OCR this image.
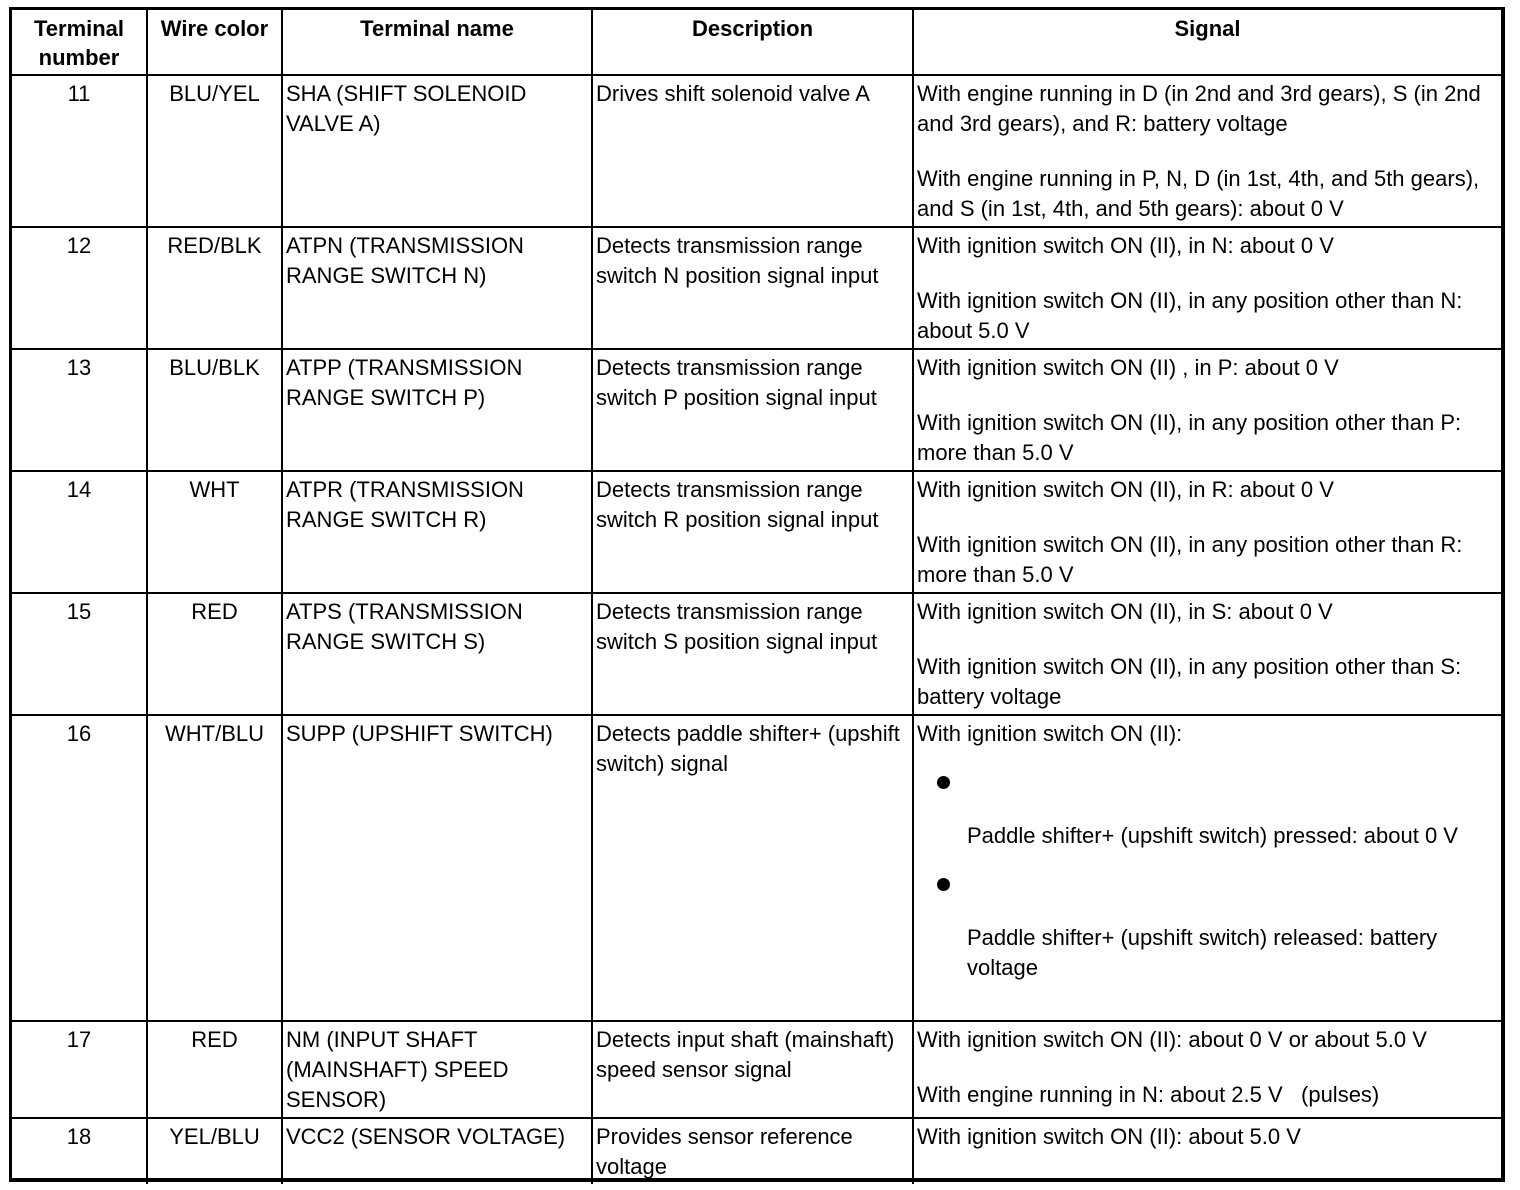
Terminal number	Wire color	Terminal name	Description	Signal
11	BLU/YEL	SHA (SHIFT SOLENOID VALVE A)	Drives shift solenoid valve A	With engine running in D (in 2nd and 3rd gears), S (in 2nd and 3rd gears), and R: battery voltage

With engine running in P, N, D (in 1st, 4th, and 5th gears), and S (in 1st, 4th, and 5th gears): about 0 V

12	RED/BLK	ATPN (TRANSMISSION RANGE SWITCH N)	Detects transmission range switch N position signal input	With ignition switch ON (II), in N: about 0 V

With ignition switch ON (II), in any position other than N: about 5.0 V

13	BLU/BLK	ATPP (TRANSMISSION RANGE SWITCH P)	Detects transmission range switch P position signal input	With ignition switch ON (II) , in P: about 0 V

With ignition switch ON (II), in any position other than P: more than 5.0 V

14	WHT	ATPR (TRANSMISSION RANGE SWITCH R)	Detects transmission range switch R position signal input	With ignition switch ON (II), in R: about 0 V

With ignition switch ON (II), in any position other than R: more than 5.0 V

15	RED	ATPS (TRANSMISSION RANGE SWITCH S)	Detects transmission range switch S position signal input	With ignition switch ON (II), in S: about 0 V

With ignition switch ON (II), in any position other than S: battery voltage

16	WHT/BLU	SUPP (UPSHIFT SWITCH)	Detects paddle shifter+ (upshift switch) signal	With ignition switch ON (II):
Paddle shifter+ (upshift switch) pressed: about 0 V
Paddle shifter+ (upshift switch) released: battery voltage

17	RED	NM (INPUT SHAFT (MAINSHAFT) SPEED SENSOR)	Detects input shaft (mainshaft) speed sensor signal	With ignition switch ON (II): about 0 V or about 5.0 V

With engine running in N: about 2.5 V   (pulses)

18	YEL/BLU	VCC2 (SENSOR VOLTAGE)	Provides sensor reference voltage	With ignition switch ON (II): about 5.0 V
